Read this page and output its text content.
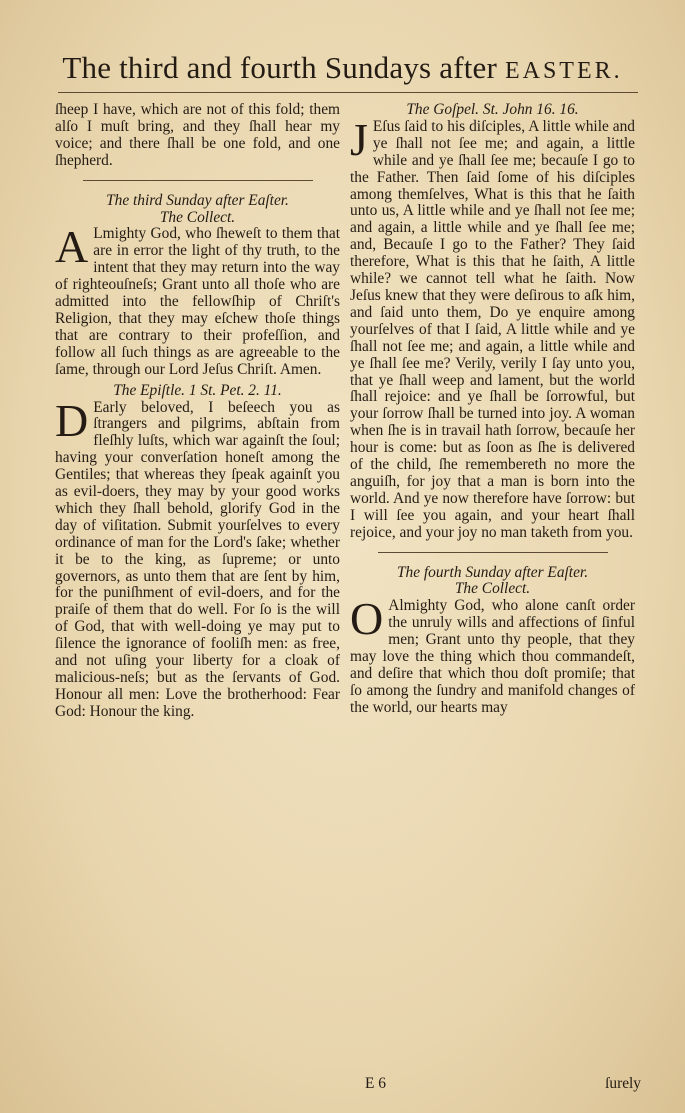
The third and fourth Sundays after EASTER.

ſheep I have, which are not of this fold; them alſo I muſt bring, and they ſhall hear my voice; and there ſhall be one fold, and one ſhepherd.

The third Sunday after Eaſter.

The Collect.

A Lmighty God, who ſheweſt to them that are in error the light of thy truth, to the intent that they may return into the way of righteouſneſs; Grant unto all thoſe who are admitted into the fellowſhip of Chriſt's Religion, that they may eſchew thoſe things that are contrary to their profeſſion, and follow all ſuch things as are agreeable to the ſame, through our Lord Jeſus Chriſt. Amen.

The Epiſtle. 1 St. Pet. 2. 11.

D Early beloved, I beſeech you as ſtrangers and pilgrims, abſtain from fleſhly luſts, which war againſt the ſoul; having your converſation honeſt among the Gentiles; that whereas they ſpeak againſt you as evil-doers, they may by your good works which they ſhall behold, glorify God in the day of viſitation. Submit yourſelves to every ordinance of man for the Lord's ſake; whether it be to the king, as ſupreme; or unto governors, as unto them that are ſent by him, for the puniſhment of evil-doers, and for the praiſe of them that do well. For ſo is the will of God, that with well-doing ye may put to ſilence the ignorance of fooliſh men: as free, and not uſing your liberty for a cloak of malicious-neſs; but as the ſervants of God. Honour all men: Love the brotherhood: Fear God: Honour the king.

The Goſpel. St. John 16. 16.

J Eſus ſaid to his diſciples, A little while and ye ſhall not ſee me; and again, a little while and ye ſhall ſee me; becauſe I go to the Father. Then ſaid ſome of his diſciples among themſelves, What is this that he ſaith unto us, A little while and ye ſhall not ſee me; and again, a little while and ye ſhall ſee me; and, Becauſe I go to the Father? They ſaid therefore, What is this that he ſaith, A little while? we cannot tell what he ſaith. Now Jeſus knew that they were deſirous to aſk him, and ſaid unto them, Do ye enquire among yourſelves of that I ſaid, A little while and ye ſhall not ſee me; and again, a little while and ye ſhall ſee me? Verily, verily I ſay unto you, that ye ſhall weep and lament, but the world ſhall rejoice: and ye ſhall be ſorrowful, but your ſorrow ſhall be turned into joy. A woman when ſhe is in travail hath ſorrow, becauſe her hour is come: but as ſoon as ſhe is delivered of the child, ſhe remembereth no more the anguiſh, for joy that a man is born into the world. And ye now therefore have ſorrow: but I will ſee you again, and your heart ſhall rejoice, and your joy no man taketh from you.

The fourth Sunday after Eaſter.

The Collect.

O Almighty God, who alone canſt order the unruly wills and affections of ſinful men; Grant unto thy people, that they may love the thing which thou commandeſt, and deſire that which thou doſt promiſe; that ſo among the ſundry and manifold changes of the world, our hearts may

E 6	ſurely
